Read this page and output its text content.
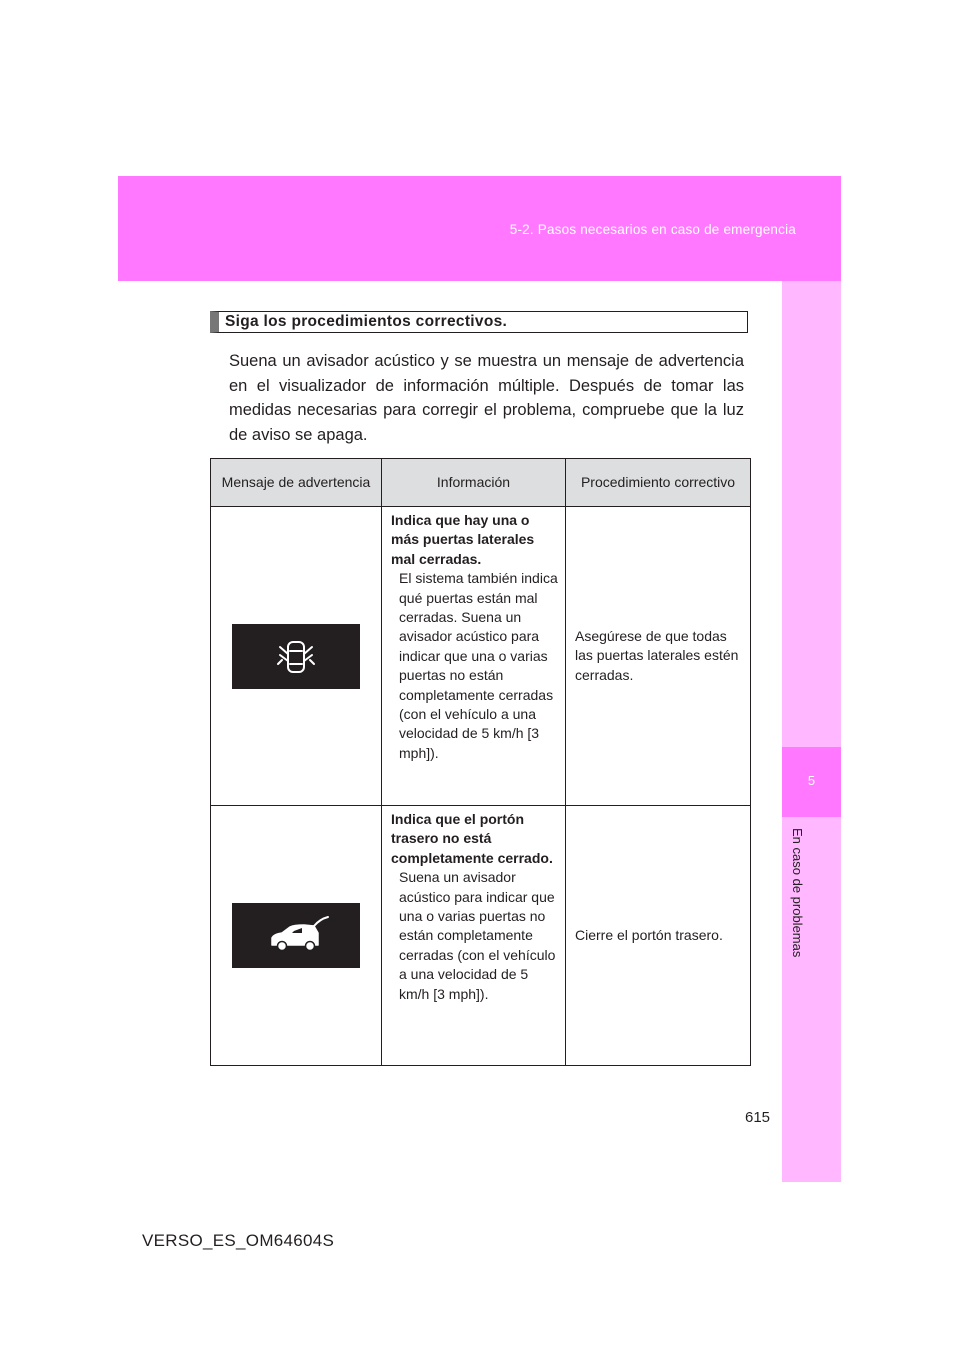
5-2. Pasos necesarios en caso de emergencia
5
En caso de problemas
Siga los procedimientos correctivos.
Suena un avisador acústico y se muestra un mensaje de advertencia en el visualizador de información múltiple. Después de tomar las medidas necesarias para corregir el problema, compruebe que la luz de aviso se apaga.
Mensaje de advertencia	Información	Procedimiento correctivo

Indica que hay una o más puertas laterales mal cerradas.
El sistema también indica qué puertas están mal cerradas. Suena un avisador acústico para indicar que una o varias puertas no están completamente cerradas (con el vehículo a una velocidad de 5 km/h [3 mph]).	Asegúrese de que todas las puertas laterales estén cerradas.

Indica que el portón trasero no está completamente cerrado.
Suena un avisador acústico para indicar que una o varias puertas no están completamente cerradas (con el vehículo a una velocidad de 5 km/h [3 mph]).	Cierre el portón trasero.
615
VERSO_ES_OM64604S
